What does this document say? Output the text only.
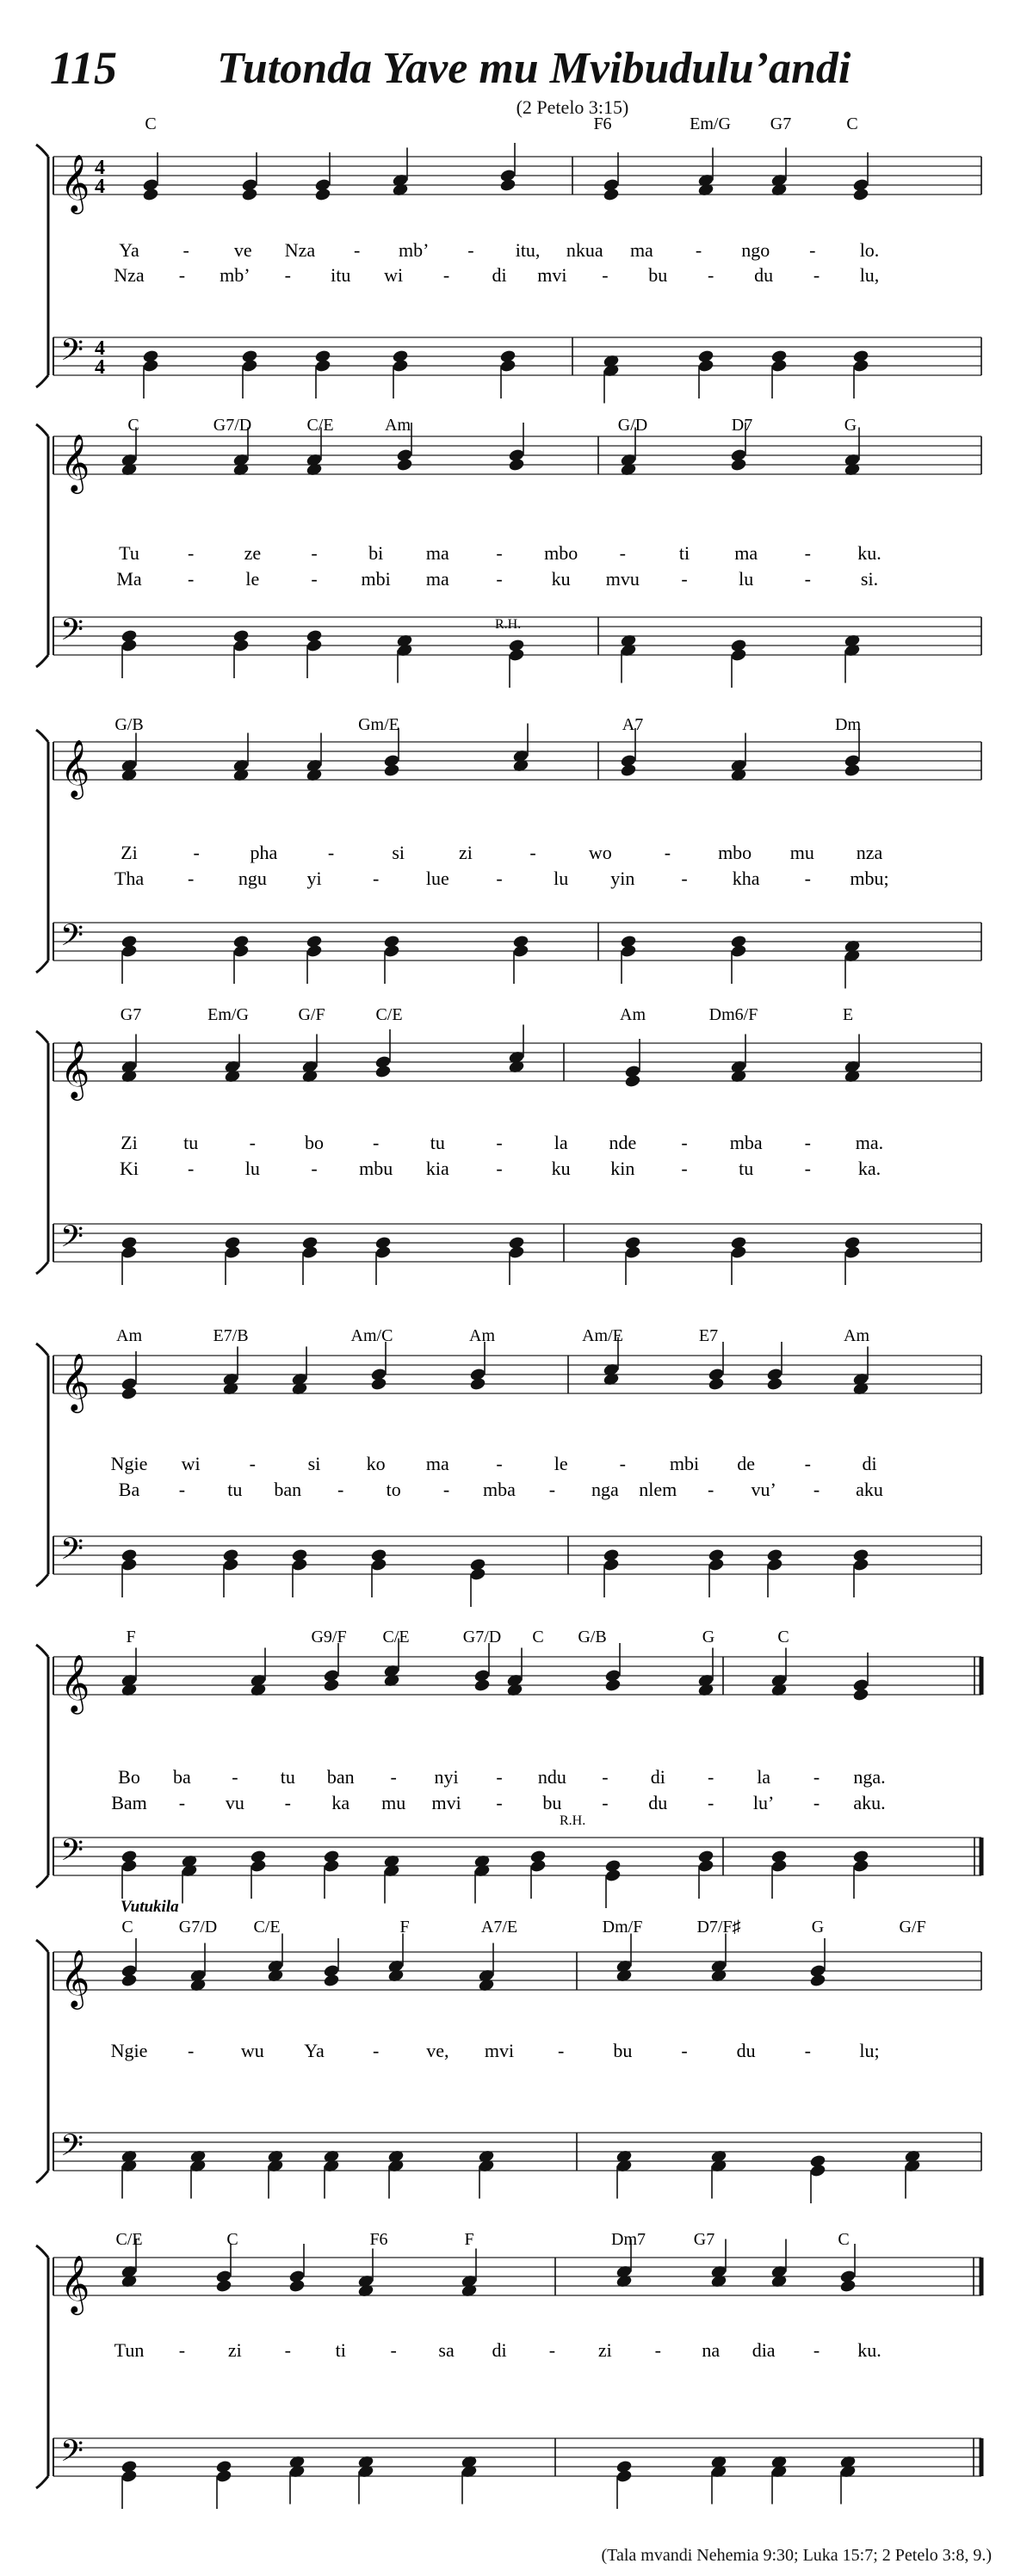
115 Tutonda Yave mu Mvibudulu’andi
(2 Petelo 3:15)
𝄞 4
4
𝄢 4
4
C	F6	Em/G G7	C
Ya - ve Nza - mb’ - itu, nkua ma - ngo - lo.
Nza - mb’ - itu wi - di mvi - bu - du - lu,
𝄞
𝄢
C	G7/D	C/E	Am	G/D	D7	G
R.H.
Tu	-	ze	-	bi ma - mbo -	ti ma - ku.
Ma -	le	- mbi ma -	ku mvu -	lu	-	si.
𝄞
𝄢
G/B	Gm/E	A7	Dm
Zi	-	pha	-	si	zi	-	wo	- mbo mu nza
Tha - ngu yi	- lue -	lu yin - kha - mbu;
𝄞
𝄢
G7	Em/G	G/F	C/E	Am	Dm6/F	E
Zi tu	-	bo	-	tu	-	la nde - mba - ma.
Ki	-	lu	- mbu kia -	ku kin -	tu	- ka.
𝄞
𝄢
Am	E7/B	Am/C	Am	Am/E	E7	Am
Ngie wi	-	si ko ma -	le	- mbi de	-	di
Ba - tu ban - to - mba - nga nlem - vu’ - aku
𝄞
𝄢
F	G9/F C/E	G7/D C G/B	G	C
R.H.
Bo ba - tu ban - nyi - ndu - di - la - nga.
Bam - vu - ka mu mvi - bu - du - lu’ - aku.
𝄞
𝄢
C	G7/D C/E	F	A7/E	Dm/F	D7/F♯	G	G/F
Vutukila
Ngie - wu Ya	- ve, mvi -	bu	-	du	-	lu;
𝄞
𝄢
C/E	C	F6	F	Dm7	G7	C
Tun - zi - ti - sa di - zi - na dia - ku.
(Tala mvandi Nehemia 9:30; Luka 15:7; 2 Petelo 3:8, 9.)
